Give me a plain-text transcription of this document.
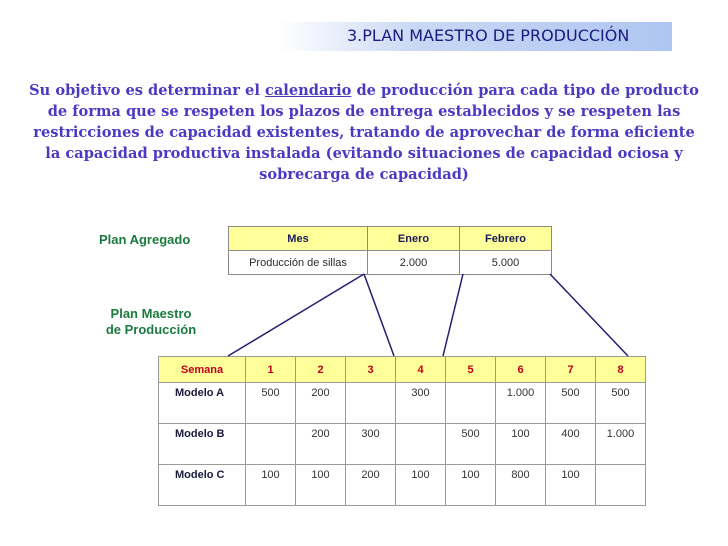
3.PLAN MAESTRO DE PRODUCCIÓN
Su objetivo es determinar el calendario de producción para cada tipo de producto de forma que se respeten los plazos de entrega establecidos y se respeten las restricciones de capacidad existentes, tratando de aprovechar de forma eficiente la capacidad productiva instalada (evitando situaciones de capacidad ociosa y sobrecarga de capacidad)
Plan Agregado
Plan Maestro
de Producción
Mes	Enero	Febrero
Producción de sillas	2.000	5.000
Semana	1	2	3	4	5	6	7	8
Modelo A	500	200		300		1.000	500	500
Modelo B		200	300		500	100	400	1.000
Modelo C	100	100	200	100	100	800	100	
